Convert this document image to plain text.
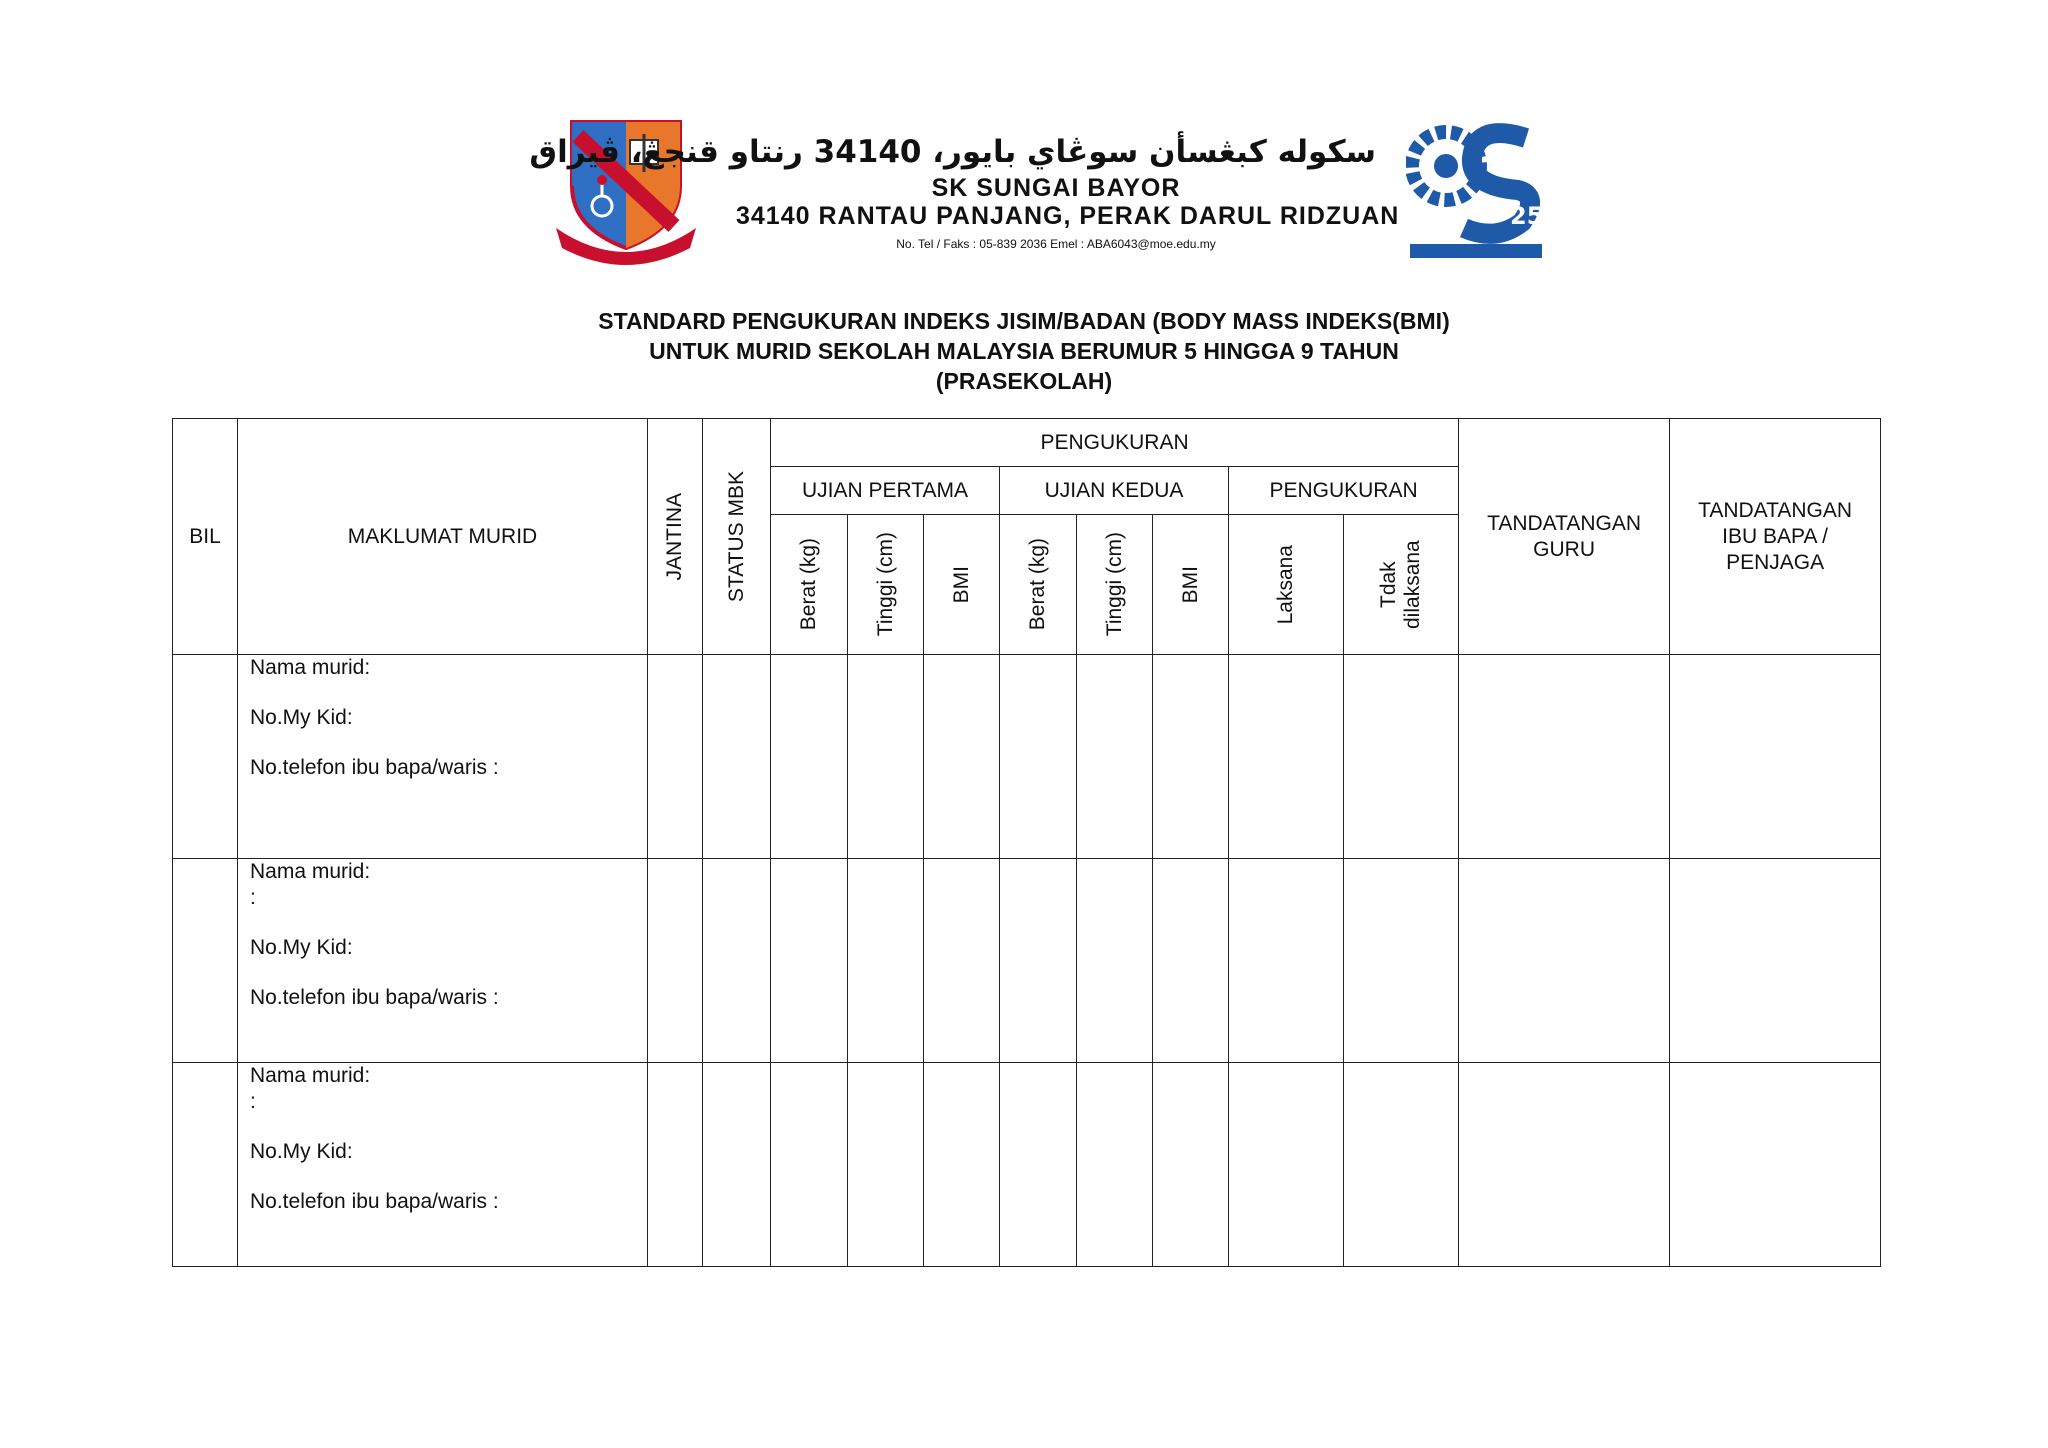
سكوله كبڠسأن سوڠاي بايور، 34140 رنتاو قنجڠ، ڤيراق
SK SUNGAI BAYOR
34140 RANTAU PANJANG, PERAK DARUL RIDZUAN
No. Tel / Faks : 05-839 2036 Emel : ABA6043@moe.edu.my
25
STANDARD PENGUKURAN INDEKS JISIM/BADAN (BODY MASS INDEKS(BMI)
UNTUK MURID SEKOLAH MALAYSIA BERUMUR 5 HINGGA 9 TAHUN
(PRASEKOLAH)
BIL	MAKLUMAT MURID	JANTINA	STATUS MBK	PENGUKURAN								TANDATANGAN GURU	TANDATANGAN IBU BAPA / PENJAGA
				UJIAN PERTAMA			UJIAN KEDUA			PENGUKURAN			

				Berat (kg)	Tinggi (cm)	BMI	Berat (kg)	Tinggi (cm)	BMI	Laksana	Tdak dilaksana		

	Nama murid:
No.My Kid:
No.telefon ibu bapa/waris :												

	Nama murid:
:
No.My Kid:
No.telefon ibu bapa/waris :												

	Nama murid:
:
No.My Kid:
No.telefon ibu bapa/waris :												
